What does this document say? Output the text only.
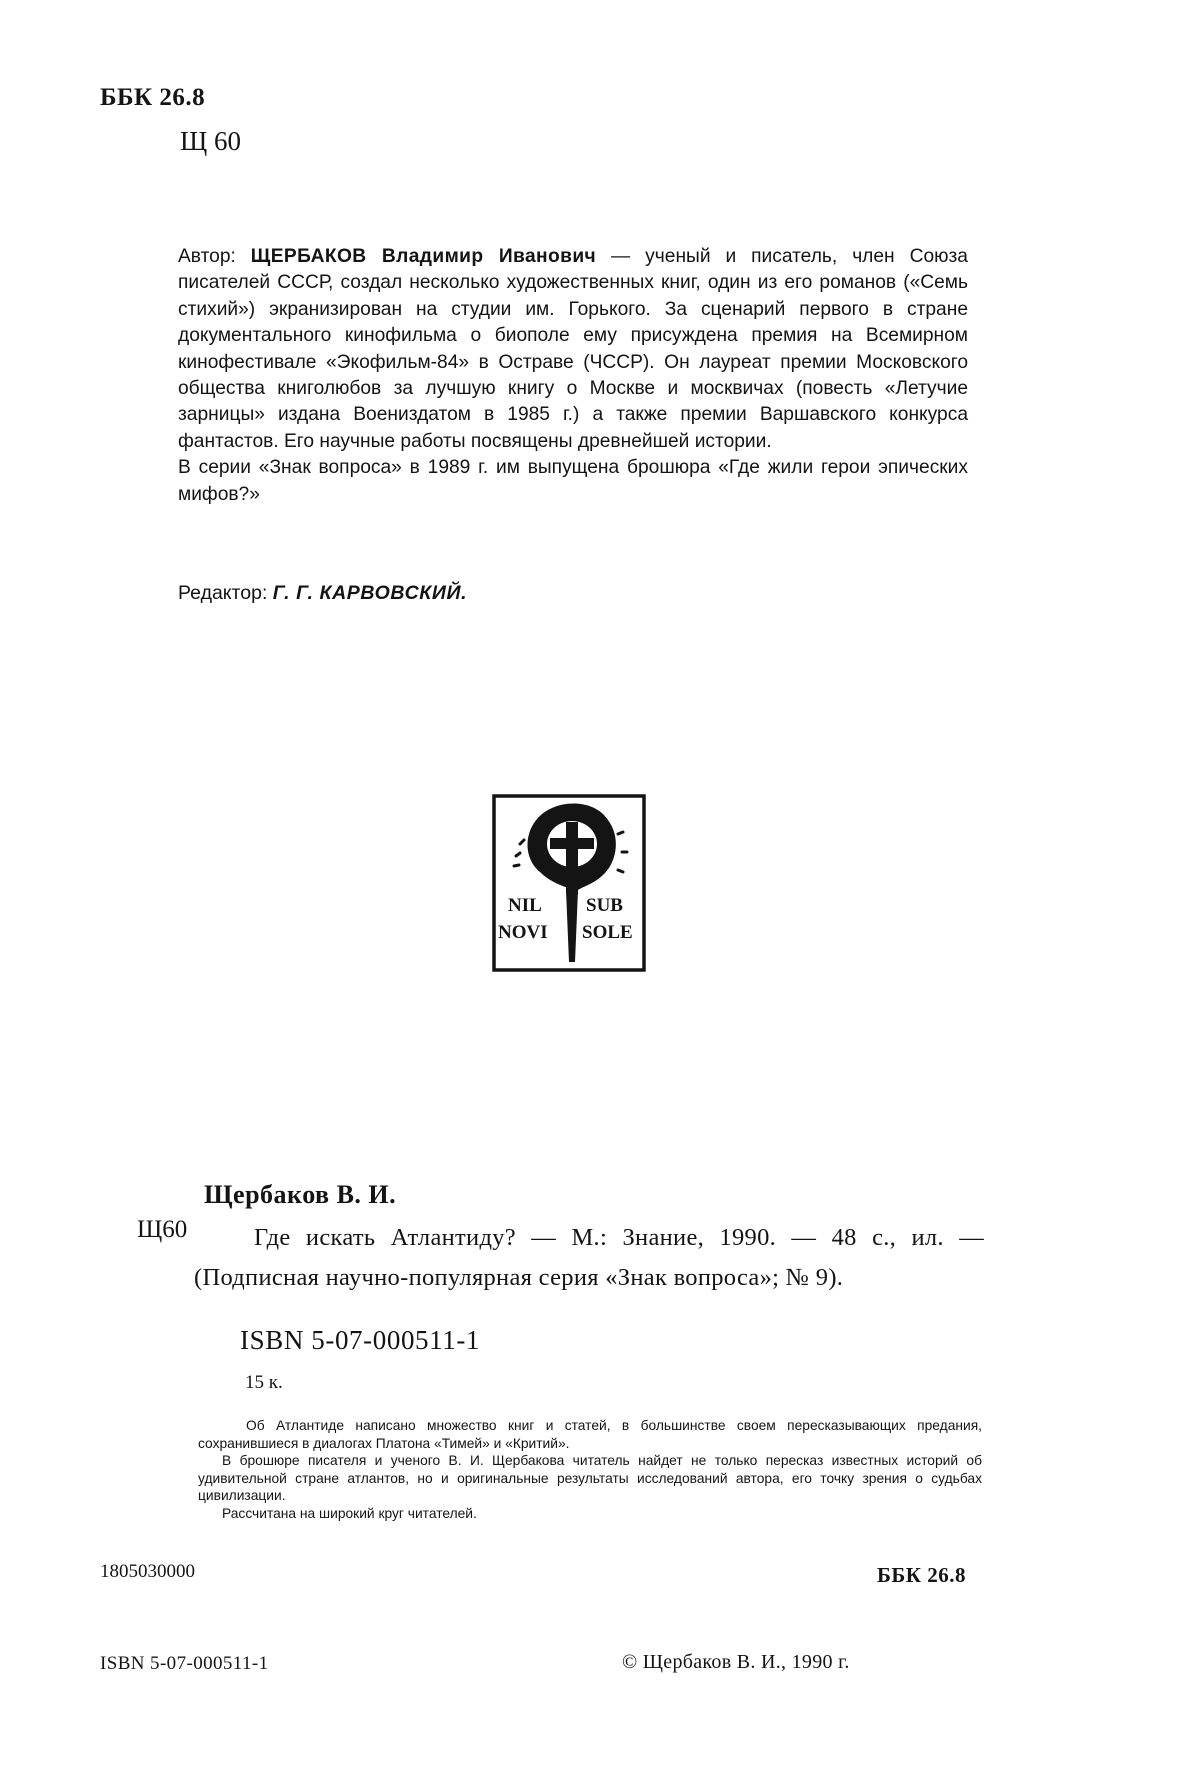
ББК 26.8
Щ 60

Автор: ЩЕРБАКОВ Владимир Иванович — ученый и писатель, член Союза писателей СССР, создал несколько художественных книг, один из его романов («Семь стихий») экранизирован на студии им. Горького. За сценарий первого в стране документального кинофильма о биополе ему присуждена премия на Всемирном кинофестивале «Экофильм-84» в Остраве (ЧССР). Он лауреат премии Московского общества книголюбов за лучшую книгу о Москве и москвичах (повесть «Летучие зарницы» издана Воениздатом в 1985 г.) а также премии Варшавского конкурса фантастов. Его научные работы посвящены древнейшей истории.

В серии «Знак вопроса» в 1989 г. им выпущена брошюра «Где жили герои эпических мифов?»

Редактор: Г. Г. КАРВОВСКИЙ.
NIL SUB
NOVI SOLE
Щербаков В. И.
Щ60	Где искать Атлантиду? — М.: Знание, 1990. — 48 с., ил. — (Подписная научно-популярная серия «Знак вопроса»; № 9).
ISBN 5-07-000511-1
15 к.

Об Атлантиде написано множество книг и статей, в большинстве своем пересказывающих предания, сохранившиеся в диалогах Платона «Тимей» и «Критий».

В брошюре писателя и ученого В. И. Щербакова читатель найдет не только пересказ известных историй об удивительной стране атлантов, но и оригинальные результаты исследований автора, его точку зрения о судьбах цивилизации.

Рассчитана на широкий круг читателей.

1805030000	ББК 26.8
ISBN 5-07-000511-1	© Щербаков В. И., 1990 г.
